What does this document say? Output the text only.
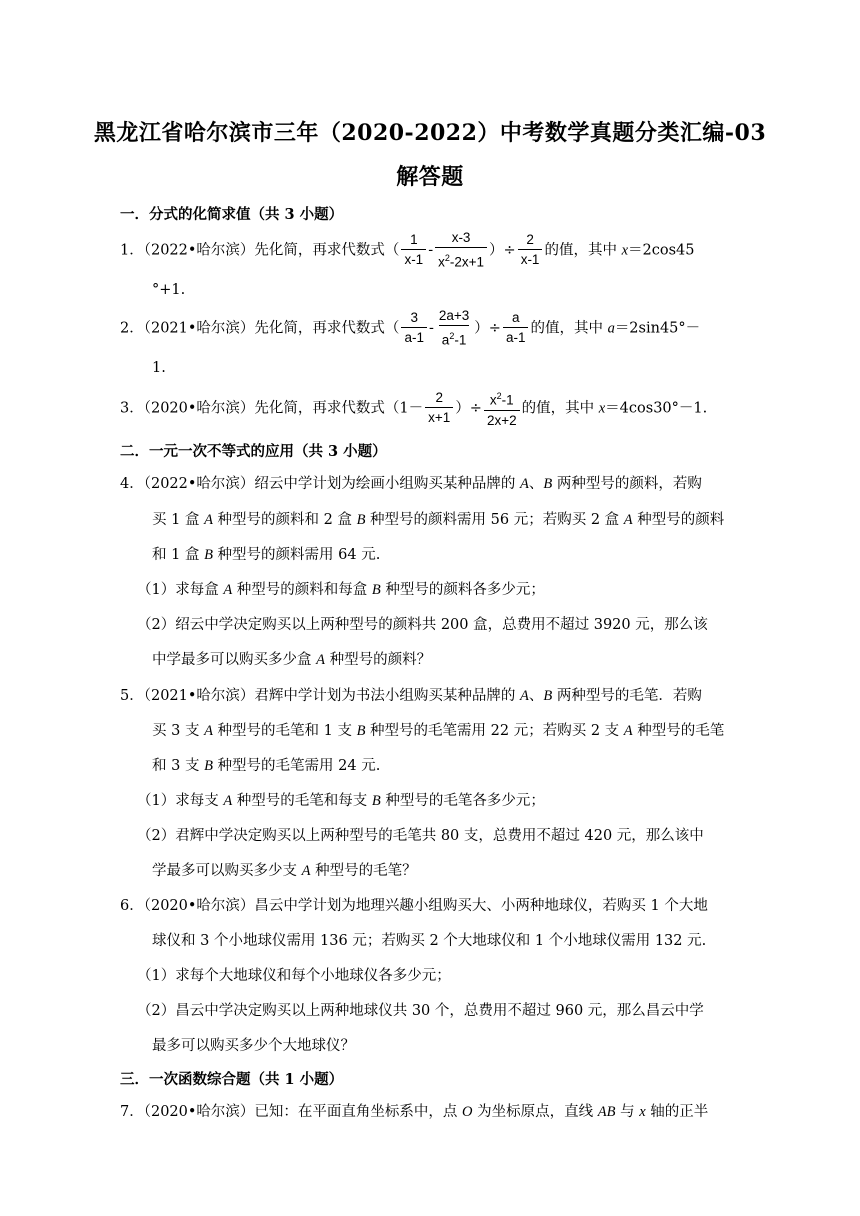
黑龙江省哈尔滨市三年（2020-2022）中考数学真题分类汇编-03
解答题
一．分式的化简求值（共 3 小题）
1．（2022•哈尔滨）先化简，再求代数式（ $\frac{1}{x-1} - \frac{x-3}{x^2-2x+1}$ ）÷ $\frac{2}{x-1}$ 的值，其中 x＝2cos45
°+1.
2．（2021•哈尔滨）先化简，再求代数式（ $\frac{3}{a-1} - \frac{2a+3}{a^2-1}$ ）÷ $\frac{a}{a-1}$ 的值，其中 a＝2sin45°－
1.
3．（2020•哈尔滨）先化简，再求代数式（$1- \frac{2}{x+1}$ ）÷ $\frac{x^2-1}{2x+2}$ 的值，其中 x＝4cos30°－1.
二．一元一次不等式的应用（共 3 小题）
4．（2022•哈尔滨）绍云中学计划为绘画小组购买某种品牌的 A、B 两种型号的颜料，若购
买 1 盒 A 种型号的颜料和 2 盒 B 种型号的颜料需用 56 元；若购买 2 盒 A 种型号的颜料
和 1 盒 B 种型号的颜料需用 64 元.
（1）求每盒 A 种型号的颜料和每盒 B 种型号的颜料各多少元；
（2）绍云中学决定购买以上两种型号的颜料共 200 盒，总费用不超过 3920 元，那么该
中学最多可以购买多少盒 A 种型号的颜料？
5．（2021•哈尔滨）君辉中学计划为书法小组购买某种品牌的 A、B 两种型号的毛笔．若购
买 3 支 A 种型号的毛笔和 1 支 B 种型号的毛笔需用 22 元；若购买 2 支 A 种型号的毛笔
和 3 支 B 种型号的毛笔需用 24 元.
（1）求每支 A 种型号的毛笔和每支 B 种型号的毛笔各多少元；
（2）君辉中学决定购买以上两种型号的毛笔共 80 支，总费用不超过 420 元，那么该中
学最多可以购买多少支 A 种型号的毛笔？
6．（2020•哈尔滨）昌云中学计划为地理兴趣小组购买大、小两种地球仪，若购买 1 个大地
球仪和 3 个小地球仪需用 136 元；若购买 2 个大地球仪和 1 个小地球仪需用 132 元.
（1）求每个大地球仪和每个小地球仪各多少元；
（2）昌云中学决定购买以上两种地球仪共 30 个，总费用不超过 960 元，那么昌云中学
最多可以购买多少个大地球仪？
三．一次函数综合题（共 1 小题）
7．（2020•哈尔滨）已知：在平面直角坐标系中，点 O 为坐标原点，直线 AB 与 x 轴的正半
